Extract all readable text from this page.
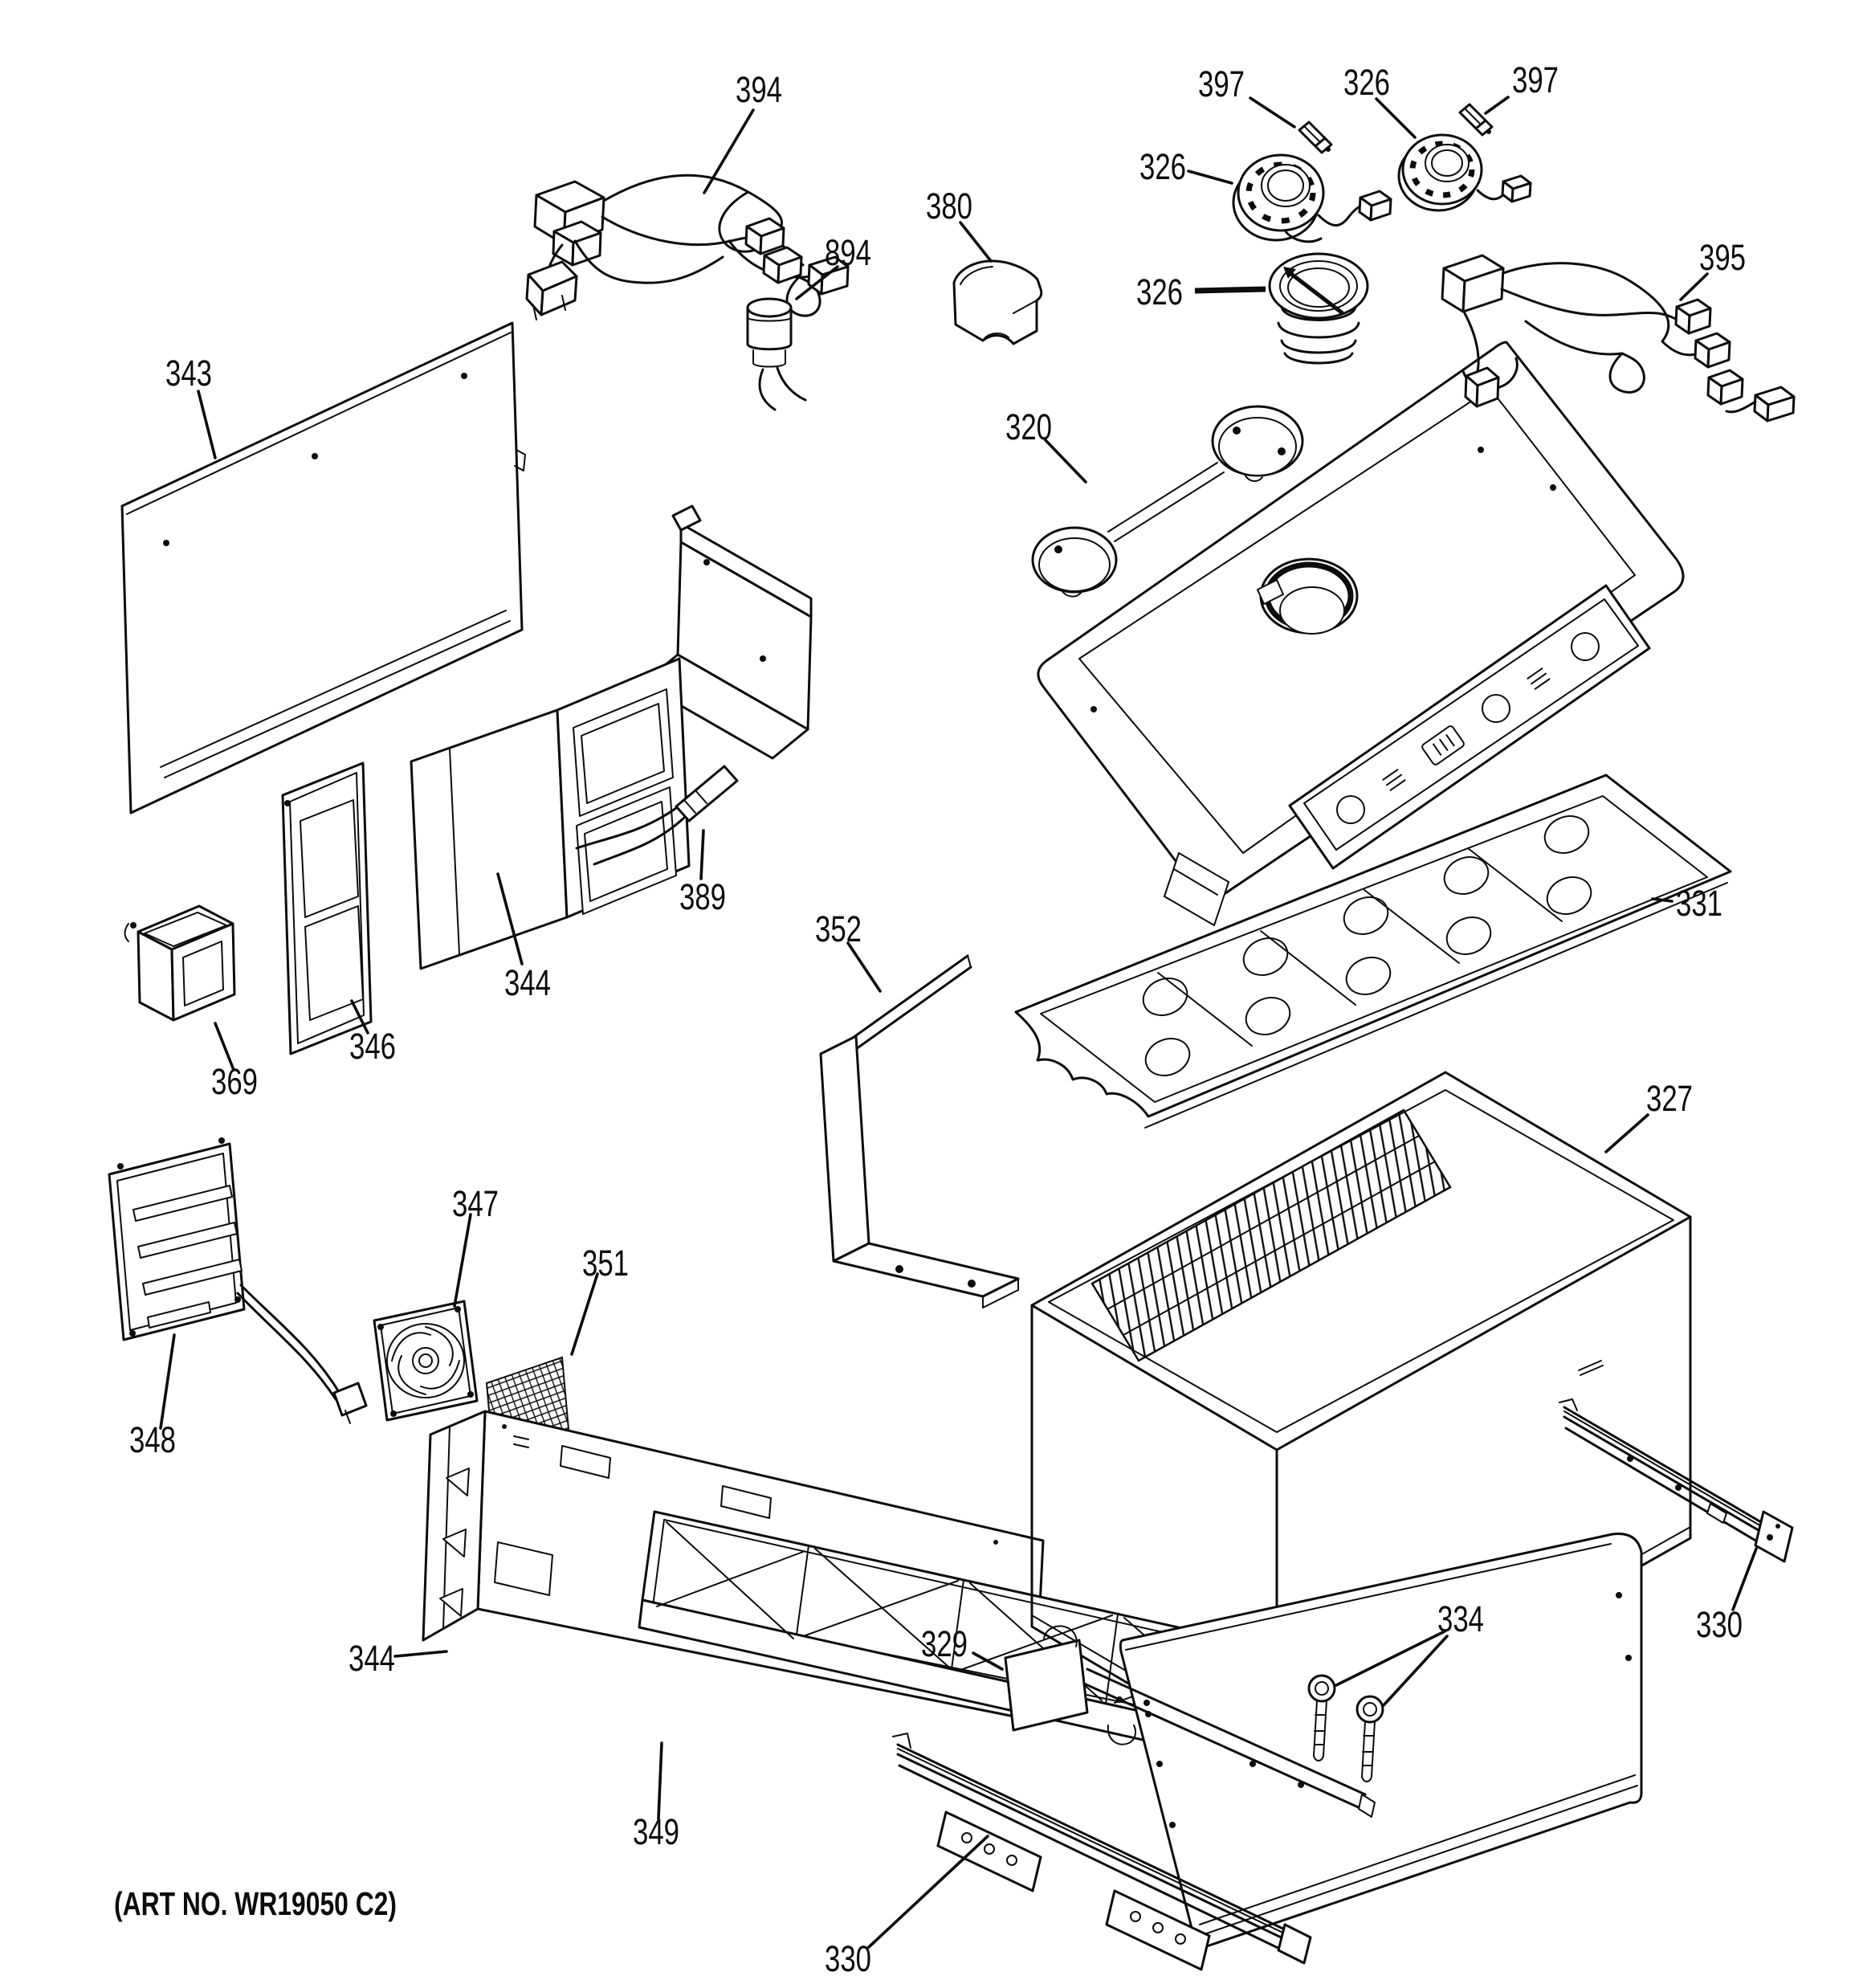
394	397	326	397
326
380
326
395
343
894
320
331
344
389
346
369
352
327
347
351
348
344
349
329
334	330
330
(ART NO. WR19050 C2)
